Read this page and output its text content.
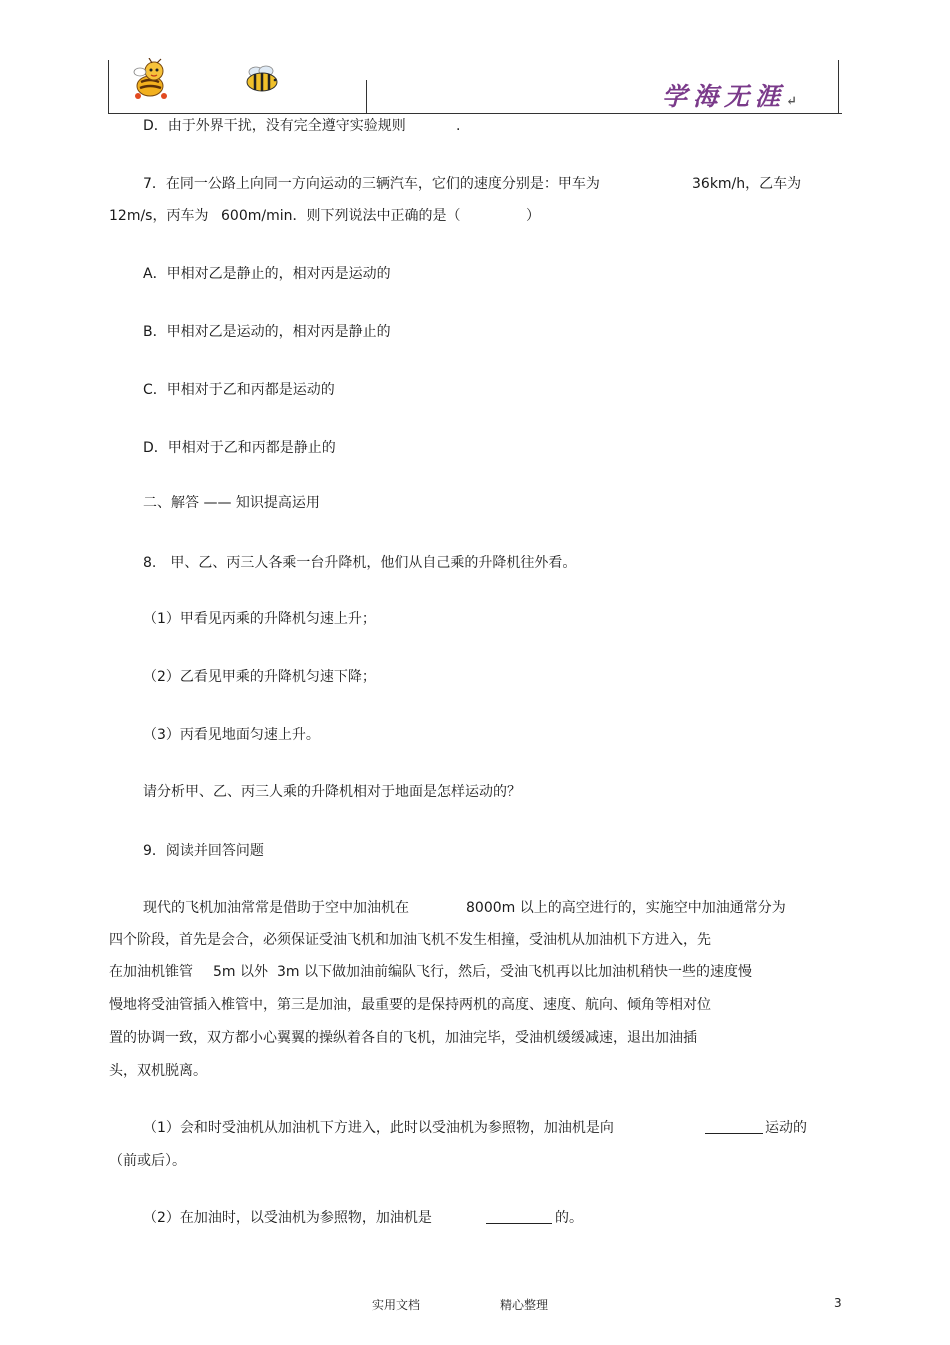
学海无涯↵
D．由于外界干扰，没有完全遵守实验规则	.
7．在同一公路上向同一方向运动的三辆汽车，它们的速度分别是：甲车为	36km/h，乙车为
12m/s，丙车为 600m/min．则下列说法中正确的是（	）
A．甲相对乙是静止的，相对丙是运动的
B．甲相对乙是运动的，相对丙是静止的
C．甲相对于乙和丙都是运动的
D．甲相对于乙和丙都是静止的
二、解答 —— 知识提高运用
8.　甲、乙、丙三人各乘一台升降机，他们从自己乘的升降机往外看。
（1）甲看见丙乘的升降机匀速上升；
（2）乙看见甲乘的升降机匀速下降；
（3）丙看见地面匀速上升。
请分析甲、乙、丙三人乘的升降机相对于地面是怎样运动的？
9．阅读并回答问题
现代的飞机加油常常是借助于空中加油机在	8000m 以上的高空进行的，实施空中加油通常分为
四个阶段，首先是会合，必须保证受油飞机和加油飞机不发生相撞，受油机从加油机下方进入，先
在加油机锥管 5m 以外 3m 以下做加油前编队飞行，然后，受油飞机再以比加油机稍快一些的速度慢
慢地将受油管插入椎管中，第三是加油，最重要的是保持两机的高度、速度、航向、倾角等相对位
置的协调一致，双方都小心翼翼的操纵着各自的飞机，加油完毕，受油机缓缓减速，退出加油插
头，双机脱离。
（1）会和时受油机从加油机下方进入，此时以受油机为参照物，加油机是向	运动的
（前或后）。
（2）在加油时，以受油机为参照物，加油机是	的。
实用文档	精心整理	3
